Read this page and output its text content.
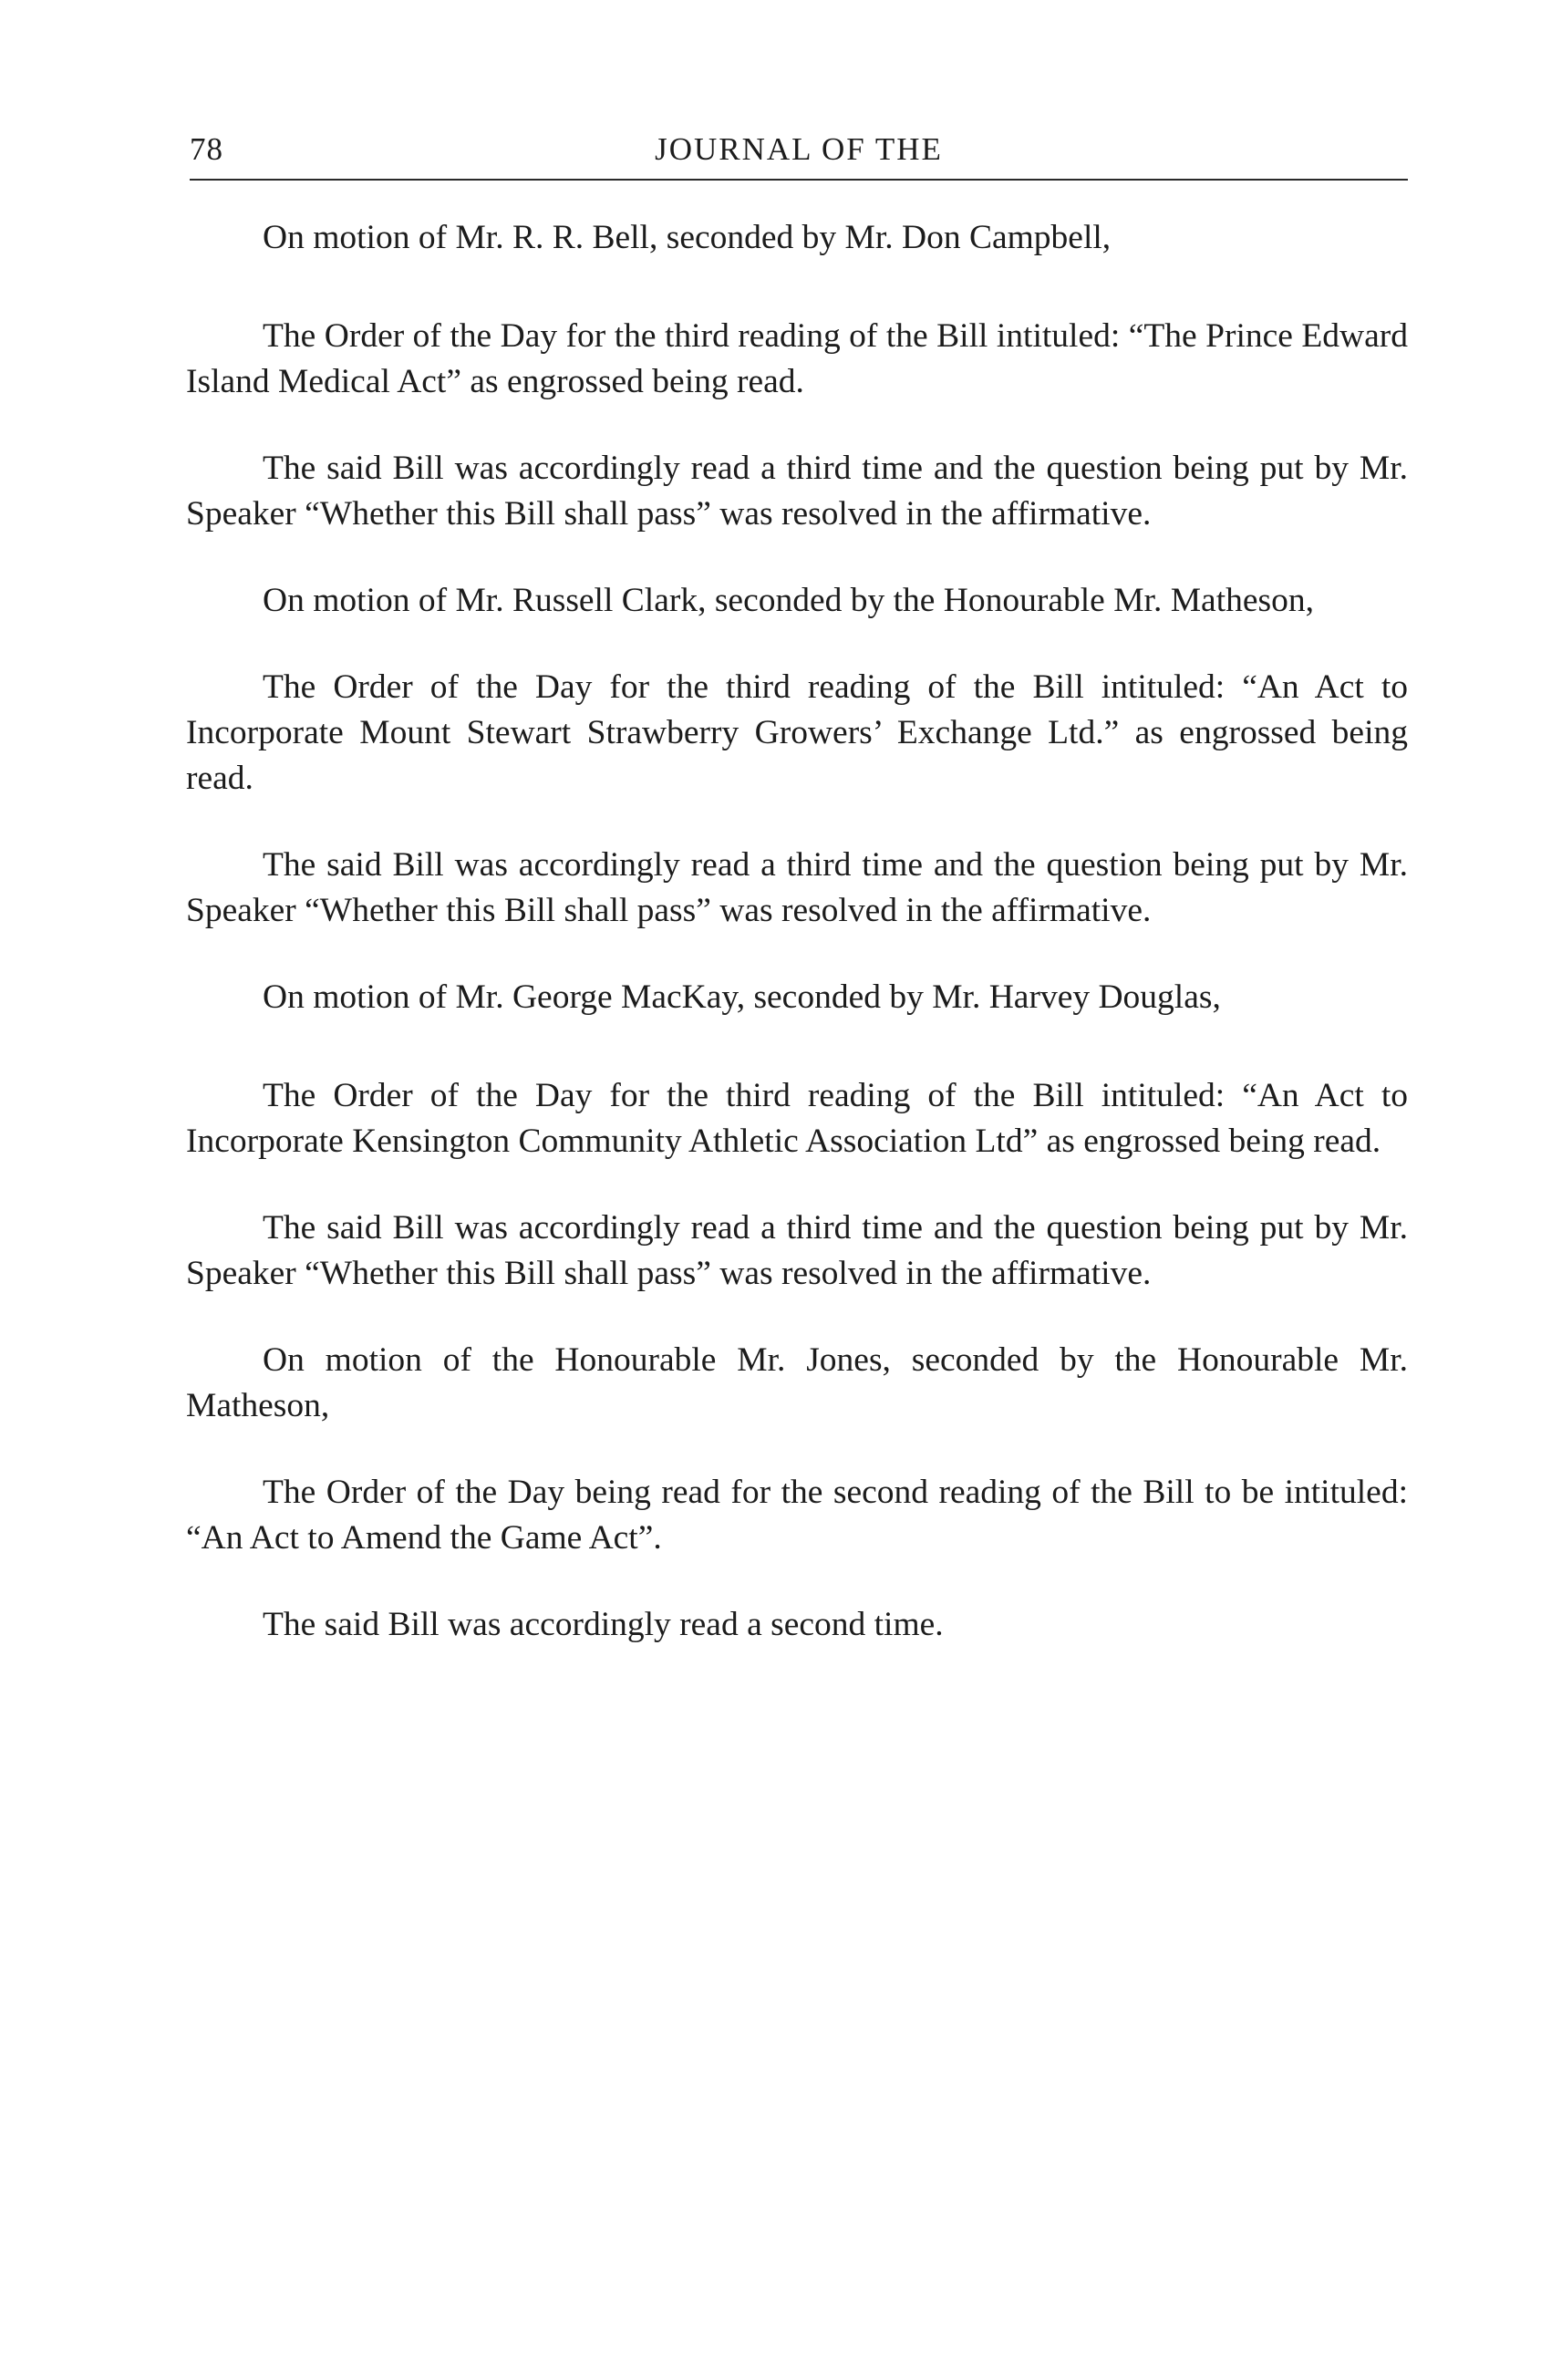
78	JOURNAL OF THE

On motion of Mr. R. R. Bell, seconded by Mr. Don Campbell,

The Order of the Day for the third reading of the Bill intituled: “The Prince Edward Island Medical Act” as engrossed being read.

The said Bill was accordingly read a third time and the question being put by Mr. Speaker “Whether this Bill shall pass” was resolved in the affirmative.

On motion of Mr. Russell Clark, seconded by the Honourable Mr. Matheson,

The Order of the Day for the third reading of the Bill intituled: “An Act to Incorporate Mount Stewart Strawberry Growers’ Exchange Ltd.” as engrossed being read.

The said Bill was accordingly read a third time and the question being put by Mr. Speaker “Whether this Bill shall pass” was resolved in the affirmative.

On motion of Mr. George MacKay, seconded by Mr. Harvey Douglas,

The Order of the Day for the third reading of the Bill intituled: “An Act to Incorporate Kensington Community Athletic Association Ltd” as engrossed being read.

The said Bill was accordingly read a third time and the question being put by Mr. Speaker “Whether this Bill shall pass” was resolved in the affirmative.

On motion of the Honourable Mr. Jones, seconded by the Honourable Mr. Matheson,

The Order of the Day being read for the second reading of the Bill to be intituled: “An Act to Amend the Game Act”.

The said Bill was accordingly read a second time.
